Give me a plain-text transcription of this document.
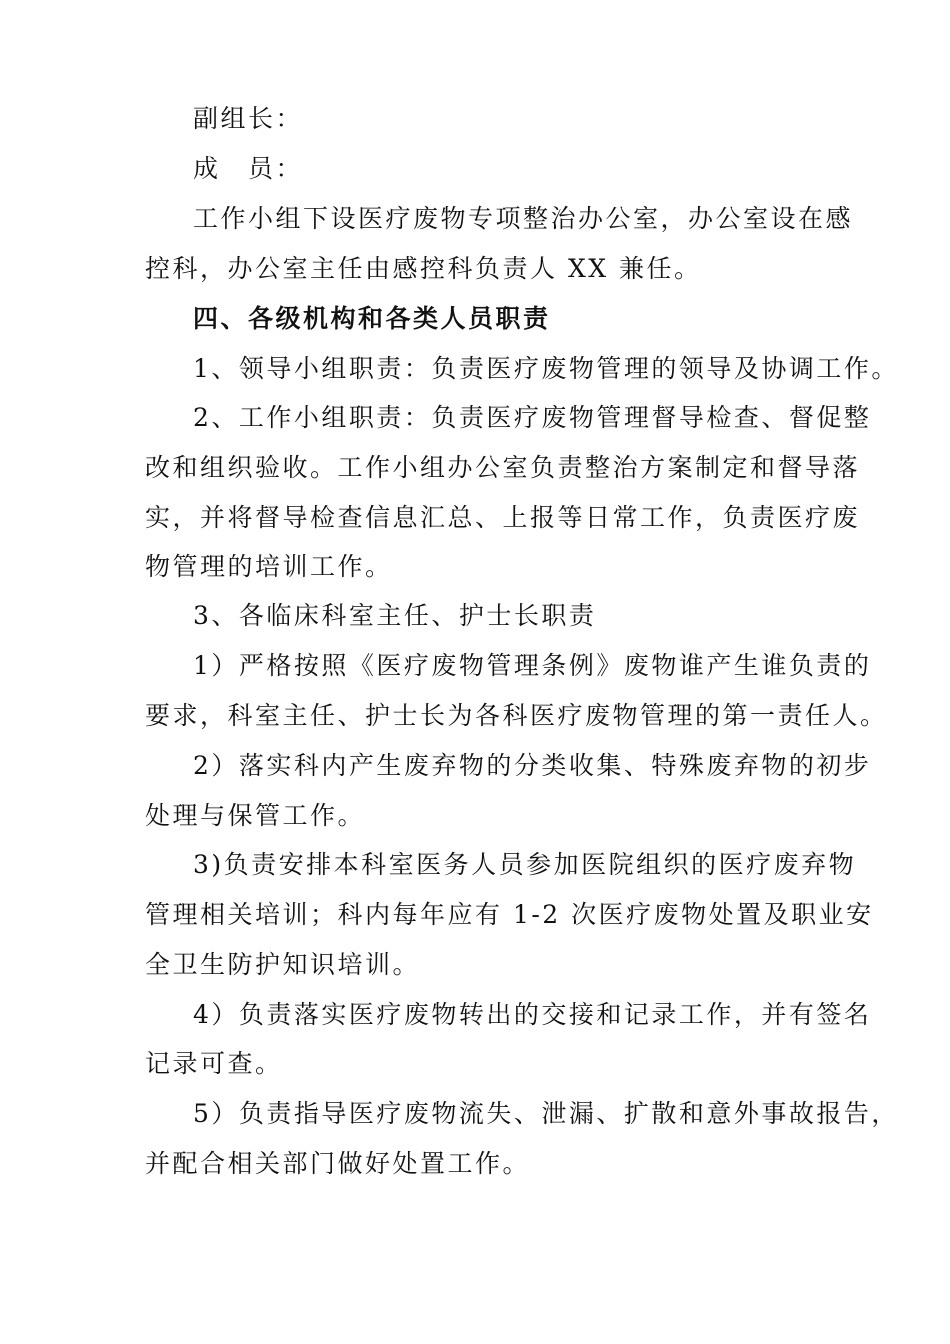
副组长：
成　员：
工作小组下设医疗废物专项整治办公室，办公室设在感
控科，办公室主任由感控科负责人 XX 兼任。
四、各级机构和各类人员职责
1、领导小组职责：负责医疗废物管理的领导及协调工作。
2、工作小组职责：负责医疗废物管理督导检查、督促整
改和组织验收。工作小组办公室负责整治方案制定和督导落
实，并将督导检查信息汇总、上报等日常工作，负责医疗废
物管理的培训工作。
3、各临床科室主任、护士长职责
1）严格按照《医疗废物管理条例》废物谁产生谁负责的
要求，科室主任、护士长为各科医疗废物管理的第一责任人。
2）落实科内产生废弃物的分类收集、特殊废弃物的初步
处理与保管工作。
3)负责安排本科室医务人员参加医院组织的医疗废弃物
管理相关培训；科内每年应有 1-2 次医疗废物处置及职业安
全卫生防护知识培训。
4）负责落实医疗废物转出的交接和记录工作，并有签名
记录可查。
5）负责指导医疗废物流失、泄漏、扩散和意外事故报告，
并配合相关部门做好处置工作。
